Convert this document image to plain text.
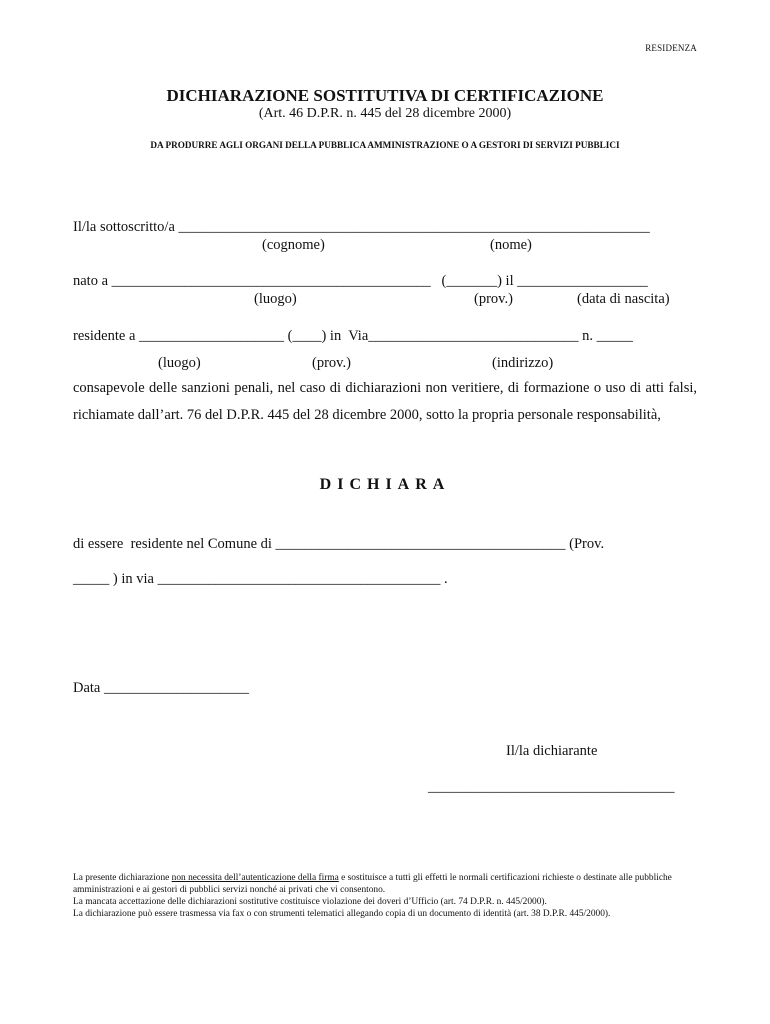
RESIDENZA
DICHIARAZIONE SOSTITUTIVA DI CERTIFICAZIONE
(Art. 46 D.P.R. n. 445 del 28 dicembre 2000)
DA PRODURRE AGLI ORGANI DELLA PUBBLICA AMMINISTRAZIONE O A GESTORI DI SERVIZI PUBBLICI
Il/la sottoscritto/a _________________________________________________________________
(cognome)	(nome)
nato a ____________________________________________   (_______) il __________________
(luogo)	(prov.)	(data di nascita)
residente a ____________________ (____) in  Via_____________________________ n. _____
(luogo)	(prov.)	(indirizzo)
consapevole delle sanzioni penali, nel caso di dichiarazioni non veritiere, di formazione o uso di atti falsi, richiamate dall’art. 76 del D.P.R. 445 del 28 dicembre 2000, sotto la propria personale responsabilità,
DICHIARA
di essere  residente nel Comune di ________________________________________ (Prov.
_____ ) in via _______________________________________ .
Data ____________________
Il/la dichiarante
__________________________________
La presente dichiarazione non necessita dell’autenticazione della firma e sostituisce a tutti gli effetti le normali certificazioni richieste o destinate alle pubbliche amministrazioni e ai gestori di pubblici servizi nonché ai privati che vi consentono.
La mancata accettazione delle dichiarazioni sostitutive costituisce violazione dei doveri d’Ufficio (art. 74 D.P.R. n. 445/2000).
La dichiarazione può essere trasmessa via fax o con strumenti telematici allegando copia di un documento di identità (art. 38 D.P.R. 445/2000).
